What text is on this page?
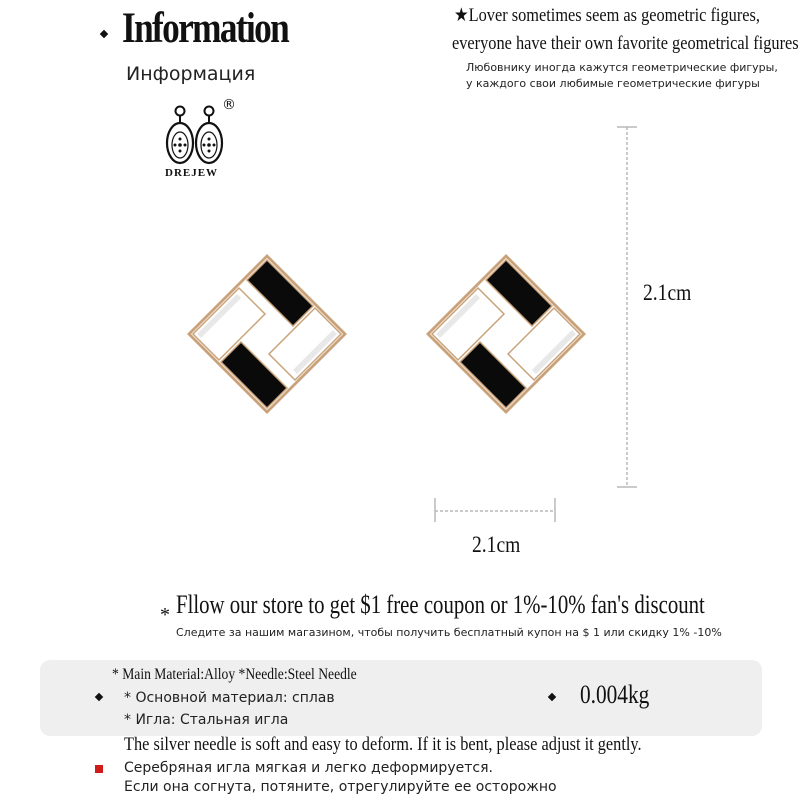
Information
Информация
®
DREJEW
★Lover sometimes seem as geometric figures,
everyone have their own favorite geometrical figures
Любовнику иногда кажутся геометрические фигуры,
у каждого свои любимые геометрические фигуры
2.1cm
2.1cm
* Fllow our store to get $1 free coupon or 1%-10% fan's discount
Следите за нашим магазином, чтобы получить бесплатный купон на $ 1 или скидку 1% -10%
* Main Material:Alloy *Needle:Steel Needle
* Основной материал: сплав
* Игла: Стальная игла
0.004kg
The silver needle is soft and easy to deform. If it is bent, please adjust it gently.
Серебряная игла мягкая и легко деформируется.
Если она согнута, потяните, отрегулируйте ее осторожно
